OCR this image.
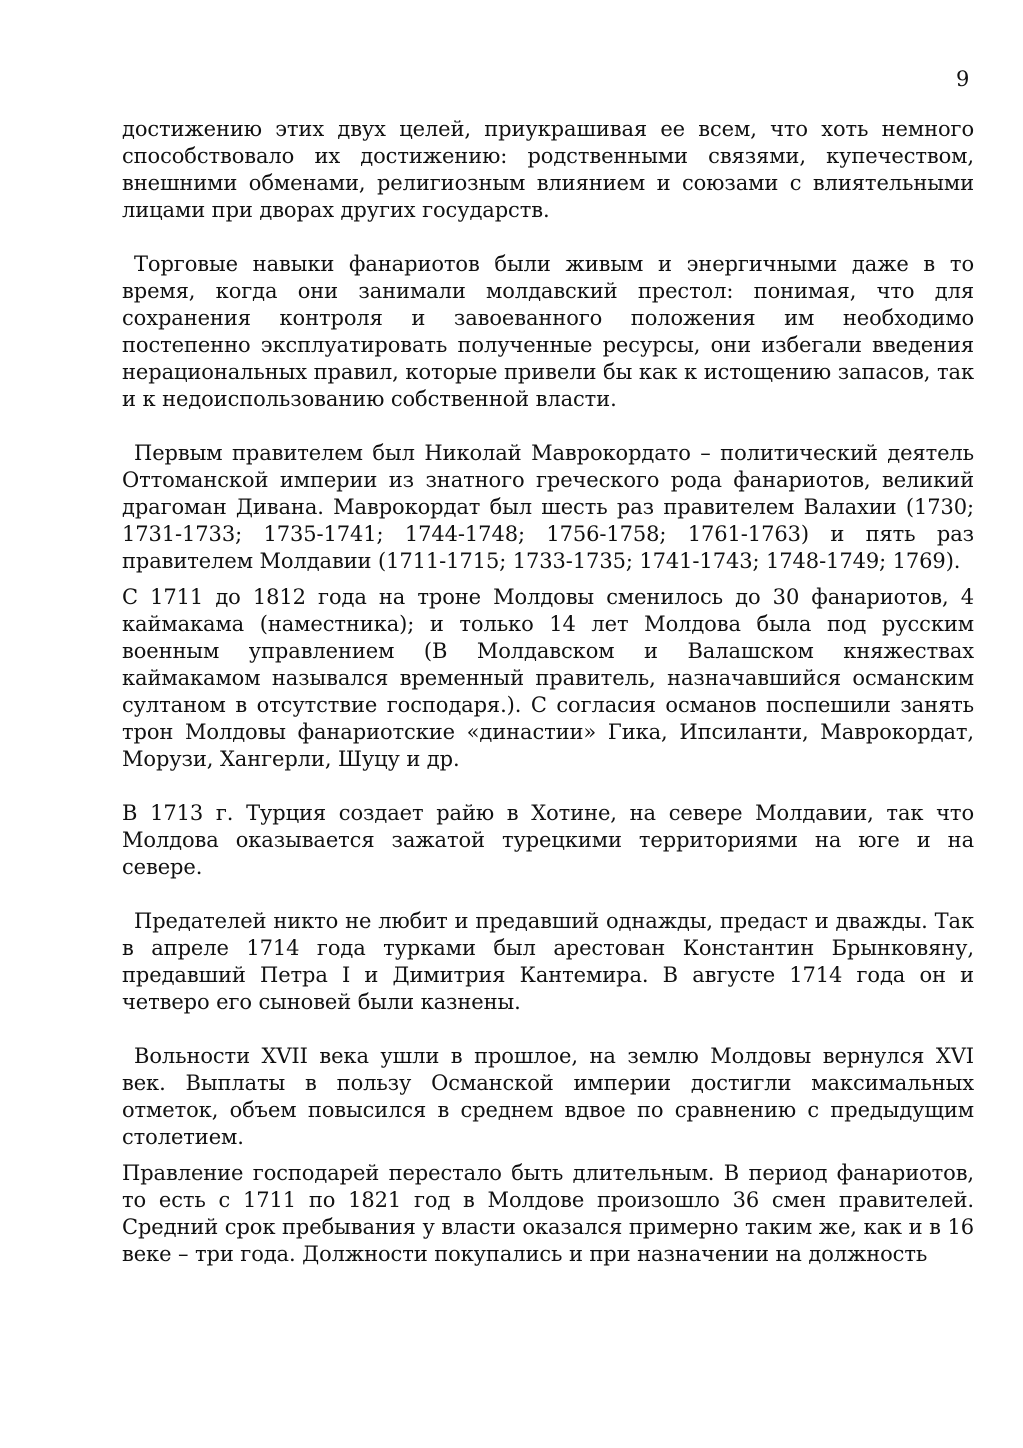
9

достижению этих двух целей, приукрашивая ее всем, что хоть немного способствовало их достижению: родственными связями, купечеством, внешними обменами, религиозным влиянием и союзами с влиятельными лицами при дворах других государств.

Торговые навыки фанариотов были живым и энергичными даже в то время, когда они занимали молдавский престол: понимая, что для сохранения контроля и завоеванного положения им необходимо постепенно эксплуатировать полученные ресурсы, они избегали введения нерациональных правил, которые привели бы как к истощению запасов, так и к недоиспользованию собственной власти.

Первым правителем был Николай Маврокордато – политический деятель Оттоманской империи из знатного греческого рода фанариотов, великий драгоман Дивана. Маврокордат был шесть раз правителем Валахии (1730; 1731-1733; 1735-1741; 1744-1748; 1756-1758; 1761-1763) и пять раз правителем Молдавии (1711-1715; 1733-1735; 1741-1743; 1748-1749; 1769).

С 1711 до 1812 года на троне Молдовы сменилось до 30 фанариотов, 4 каймакама (наместника); и только 14 лет Молдова была под русским военным управлением (В Молдавском и Валашском княжествах каймакамом назывался временный правитель, назначавшийся османским султаном в отсутствие господаря.). С согласия османов поспешили занять трон Молдовы фанариотские «династии» Гика, Ипсиланти, Маврокордат, Морузи, Хангерли, Шуцу и др.

В 1713 г. Турция создает райю в Хотине, на севере Молдавии, так что Молдова оказывается зажатой турецкими территориями на юге и на севере.

Предателей никто не любит и предавший однажды, предаст и дважды. Так в апреле 1714 года турками был арестован Константин Брынковяну, предавший Петра I и Димитрия Кантемира. В августе 1714 года он и четверо его сыновей были казнены.

Вольности XVII века ушли в прошлое, на землю Молдовы вернулся XVI век. Выплаты в пользу Османской империи достигли максимальных отметок, объем повысился в среднем вдвое по сравнению с предыдущим столетием.

Правление господарей перестало быть длительным. В период фанариотов, то есть с 1711 по 1821 год в Молдове произошло 36 смен правителей. Средний срок пребывания у власти оказался примерно таким же, как и в 16 веке – три года. Должности покупались и при назначении на должность
